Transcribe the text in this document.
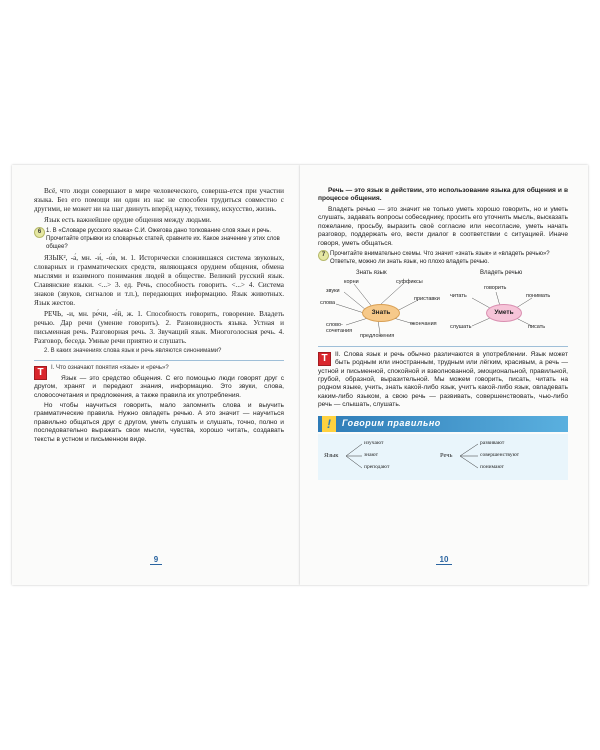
Всё, что люди совершают в мире человеческого, соверша-ется при участии языка. Без его помощи ни один из нас не способен трудиться совместно с другими, не может ни на шаг двинуть вперёд науку, технику, искусство, жизнь.

Язык есть важнейшее орудие общения между людьми.

6 1. В «Словаре русского языка» С.И. Ожегова дано толкование слов язык и речь. Прочитайте отрывки из словарных статей, сравните их. Какое значение у этих слов общее?

ЯЗЫК², -а́, мн. -и́, -о́в, м. 1. Исторически сложившаяся система звуковых, словарных и грамматических средств, являющаяся орудием общения, обмена мыслями и взаимного понимания людей в обществе. Великий русский язык. Славянские языки. <...> 3. ед. Речь, способность говорить. <...> 4. Система знаков (звуков, сигналов и т.п.), передающих информацию. Язык животных. Язык жестов.

РЕЧЬ, -и, мн. ре́чи, -е́й, ж. 1. Способность говорить, говорение. Владеть речью. Дар речи (умение говорить). 2. Разновидность языка. Устная и письменная речь. Разговорная речь. 3. Звучащий язык. Многоголосная речь. 4. Разговор, беседа. Умные речи приятно и слушать.

2. В каких значениях слова язык и речь являются синонимами?

Т	I. Что означают понятия «язык» и «речь»?

Язык — это средство общения. С его помощью люди говорят друг с другом, хранят и передают знания, информацию. Это звуки, слова, словосочетания и предложения, а также правила их употребления.

Но чтобы научиться говорить, мало запомнить слова и выучить грамматические правила. Нужно овладеть речью. А это значит — научиться правильно общаться друг с другом, уметь слушать и слушать, точно, полно и последовательно выражать свои мысли, чувства, хорошо читать, создавать тексты в устном и письменном виде.

9

Речь — это язык в действии, это использование языка для общения и в процессе общения.

Владеть речью — это значит не только уметь хорошо говорить, но и уметь слушать, задавать вопросы собеседнику, просить его уточнить мысль, высказать пожелание, просьбу, выразить своё согласие или несогласие, уметь начать разговор, поддержать его, вести диалог в соответствии с ситуацией. Иначе говоря, уметь общаться.

7 Прочитайте внимательно схемы. Что значит «знать язык» и «владеть речью»? Ответьте, можно ли знать язык, но плохо владеть речью.
Знать язык
Знать
корни	суффиксы
звуки
слова
приставки
слово-сочетания
окончания
предложения
Владеть речью
Уметь
говорить
читать	понимать
слушать	писать
Т	II. Слова язык и речь обычно различаются в употреблении. Язык может быть родным или иностранным, трудным или лёгким, красивым, а речь — устной и письменной, спокойной и взволнованной, эмоциональной, правильной, грубой, образной, выразительной. Мы можем говорить, писать, читать на родном языке, учить, знать какой-либо язык, учитъ какой-либо язык, овладевать каким-либо языком, а свою речь — развивать, совершенствовать, чью-либо речь — слышать, слушать.

!	Говорим правильно
Язык
изучают
знают
преподают
Речь
развивают
совершенствуют
понимают
10
